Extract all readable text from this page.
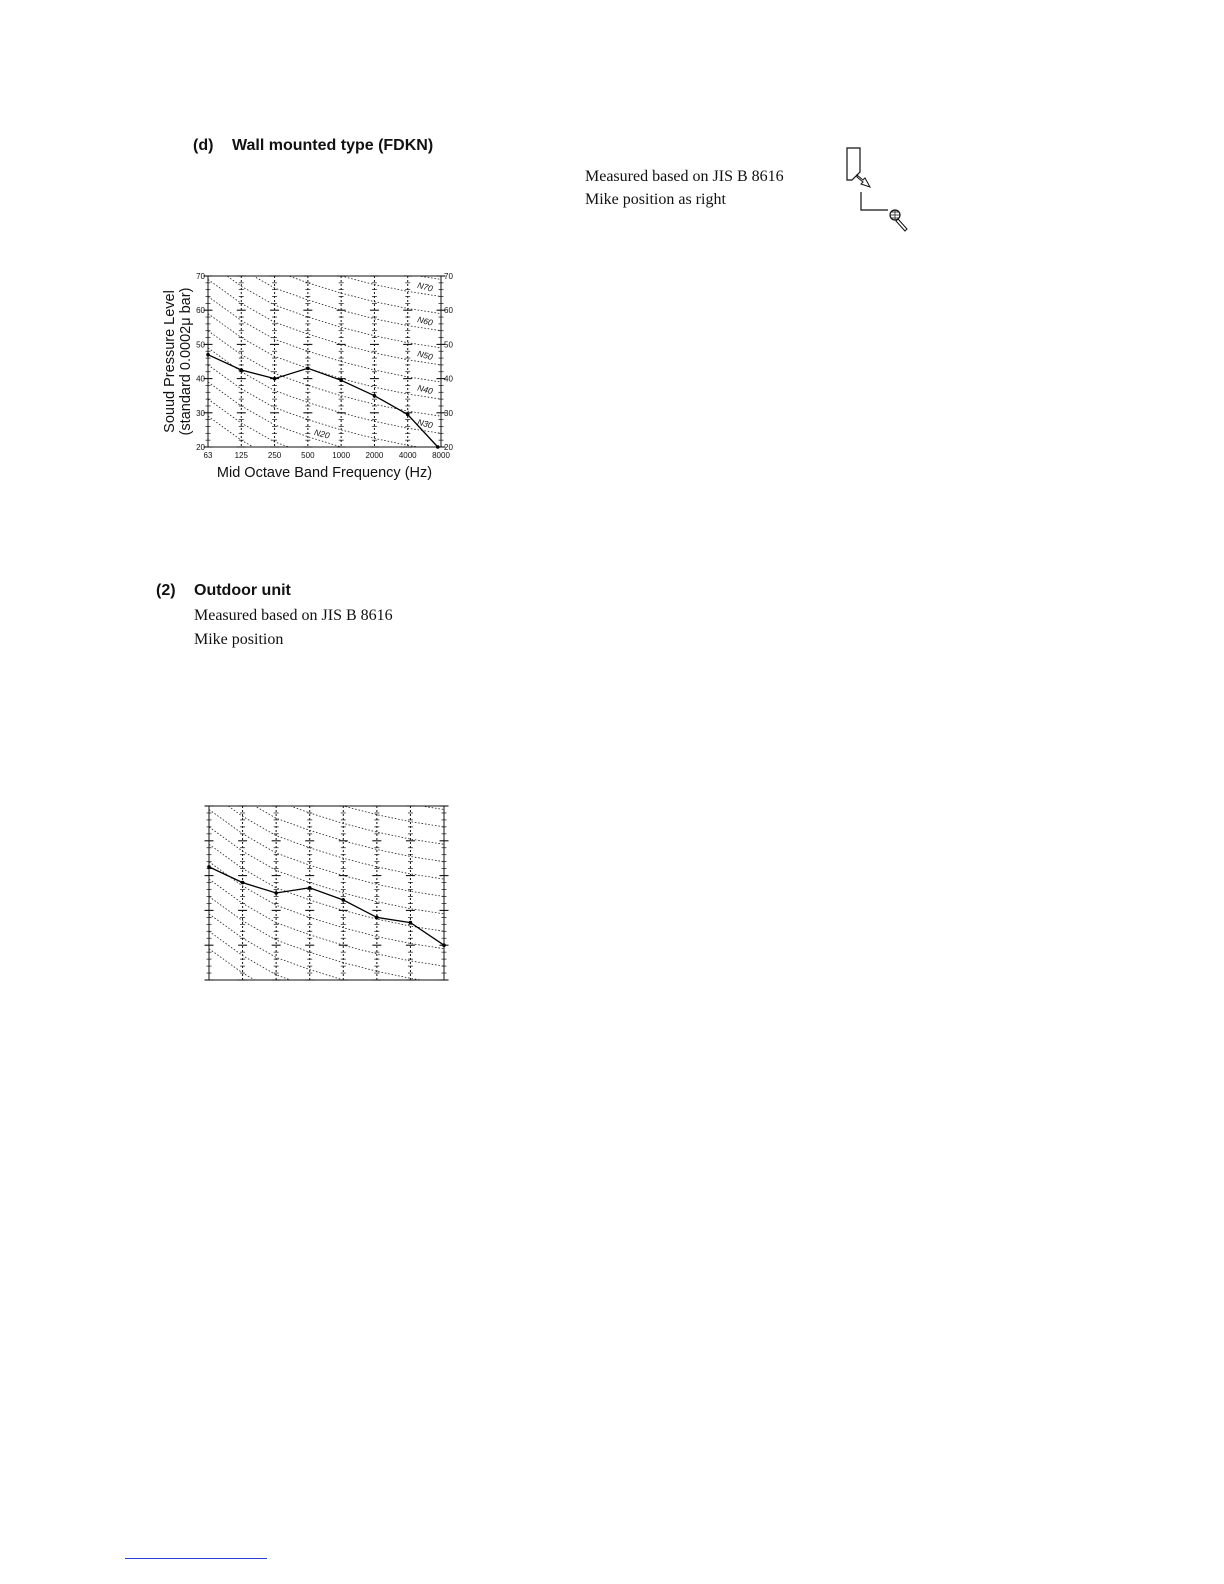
(d) Wall mounted type (FDKN)
Measured based on JIS B 8616
Mike position as right
N70
N60
N50
N40
N30
N20
20	20
30	30
40	40
50	50
60	60
70	70
63	125 250 500 1000 2000 4000 8000
Mid Octave Band Frequency (Hz)
Souud Pressure Level (standard 0.0002μ bar)
(2) Outdoor unit
Measured based on JIS B 8616
Mike position
